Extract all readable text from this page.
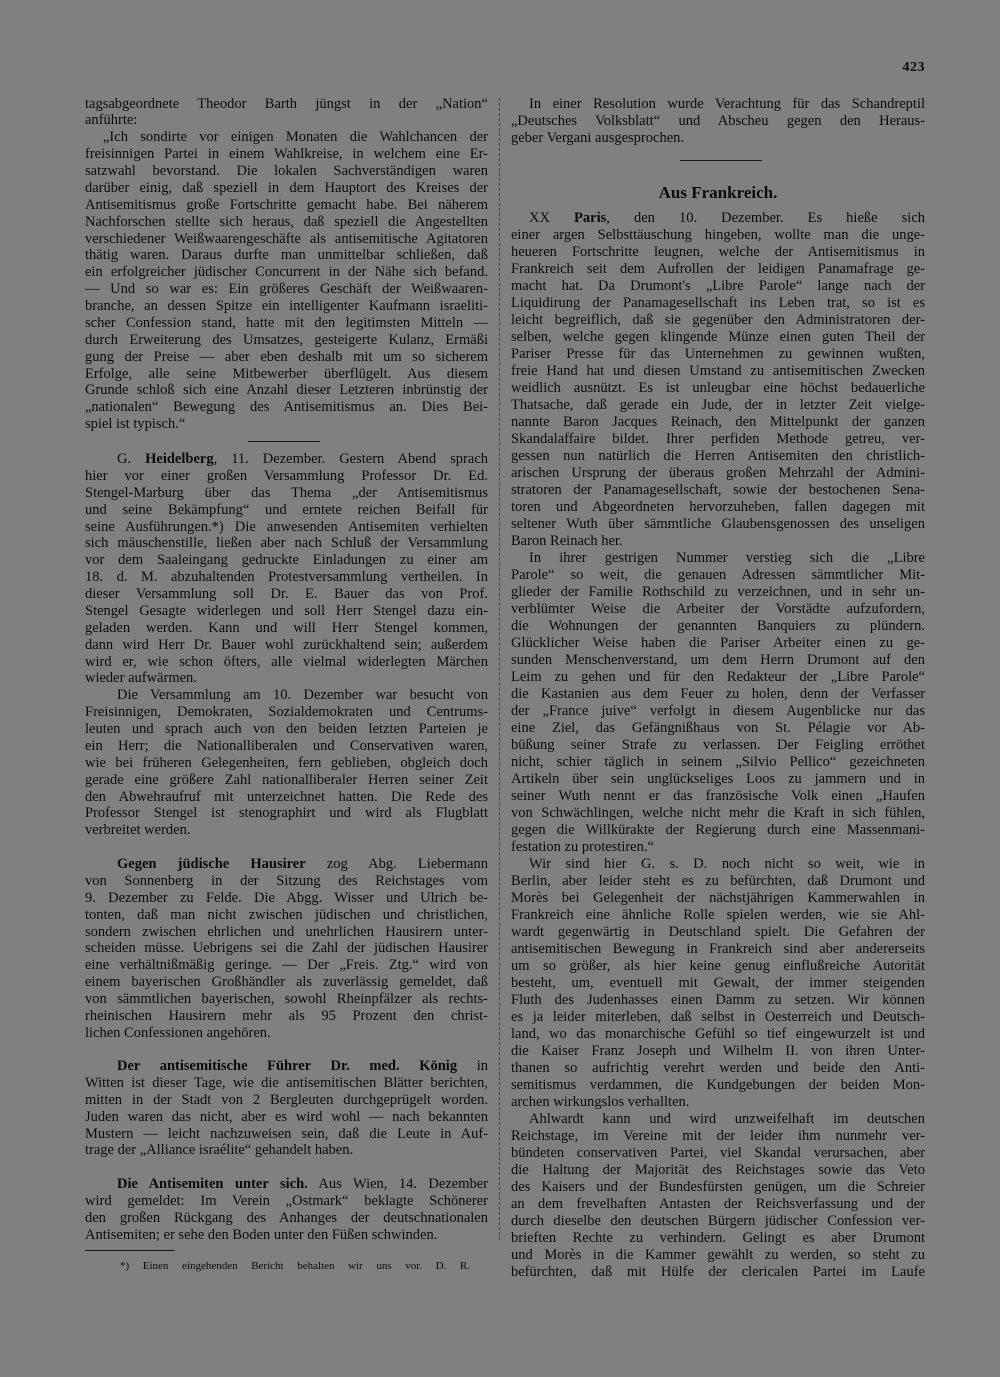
423
tagsabgeordnete Theodor Barth jüngst in der „Nation“
anführte:
„Ich sondirte vor einigen Monaten die Wahlchancen der
freisinnigen Partei in einem Wahlkreise, in welchem eine Er-
satzwahl bevorstand. Die lokalen Sachverständigen waren
darüber einig, daß speziell in dem Hauptort des Kreises der
Antisemitismus große Fortschritte gemacht habe. Bei näherem
Nachforschen stellte sich heraus, daß speziell die Angestellten
verschiedener Weißwaarengeschäfte als antisemitische Agitatoren
thätig waren. Daraus durfte man unmittelbar schließen, daß
ein erfolgreicher jüdischer Concurrent in der Nähe sich befand.
— Und so war es: Ein größeres Geschäft der Weißwaaren-
branche, an dessen Spitze ein intelligenter Kaufmann israeliti-
scher Confession stand, hatte mit den legitimsten Mitteln —
durch Erweiterung des Umsatzes, gesteigerte Kulanz, Ermäßi
gung der Preise — aber eben deshalb mit um so sicherem
Erfolge, alle seine Mitbewerber überflügelt. Aus diesem
Grunde schloß sich eine Anzahl dieser Letzteren inbrünstig der
„nationalen“ Bewegung des Antisemitismus an. Dies Bei-
spiel ist typisch.“
G. Heidelberg, 11. Dezember. Gestern Abend sprach
hier vor einer großen Versammlung Professor Dr. Ed.
Stengel-Marburg über das Thema „der Antisemitismus
und seine Bekämpfung“ und erntete reichen Beifall für
seine Ausführungen.*) Die anwesenden Antisemiten verhielten
sich mäuschenstille, ließen aber nach Schluß der Versammlung
vor dem Saaleingang gedruckte Einladungen zu einer am
18. d. M. abzuhaltenden Protestversammlung vertheilen. In
dieser Versammlung soll Dr. E. Bauer das von Prof.
Stengel Gesagte widerlegen und soll Herr Stengel dazu ein-
geladen werden. Kann und will Herr Stengel kommen,
dann wird Herr Dr. Bauer wohl zurückhaltend sein; außerdem
wird er, wie schon öfters, alle vielmal widerlegten Märchen
wieder aufwärmen.
Die Versammlung am 10. Dezember war besucht von
Freisinnigen, Demokraten, Sozialdemokraten und Centrums-
leuten und sprach auch von den beiden letzten Parteien je
ein Herr; die Nationalliberalen und Conservativen waren,
wie bei früheren Gelegenheiten, fern geblieben, obgleich doch
gerade eine größere Zahl nationalliberaler Herren seiner Zeit
den Abwehraufruf mit unterzeichnet hatten. Die Rede des
Professor Stengel ist stenographirt und wird als Flugblatt
verbreitet werden.
Gegen jüdische Hausirer zog Abg. Liebermann
von Sonnenberg in der Sitzung des Reichstages vom
9. Dezember zu Felde. Die Abgg. Wisser und Ulrich be-
tonten, daß man nicht zwischen jüdischen und christlichen,
sondern zwischen ehrlichen und unehrlichen Hausirern unter-
scheiden müsse. Uebrigens sei die Zahl der jüdischen Hausirer
eine verhältnißmäßig geringe. — Der „Freis. Ztg.“ wird von
einem bayerischen Großhändler als zuverlässig gemeldet, daß
von sämmtlichen bayerischen, sowohl Rheinpfälzer als rechts-
rheinischen Hausirern mehr als 95 Prozent den christ-
lichen Confessionen angehören.
Der antisemitische Führer Dr. med. König in
Witten ist dieser Tage, wie die antisemitischen Blätter berichten,
mitten in der Stadt von 2 Bergleuten durchgeprügelt worden.
Juden waren das nicht, aber es wird wohl — nach bekannten
Mustern — leicht nachzuweisen sein, daß die Leute in Auf-
trage der „Alliance israélite“ gehandelt haben.
Die Antisemiten unter sich. Aus Wien, 14. Dezember
wird gemeldet: Im Verein „Ostmark“ beklagte Schönerer
den großen Rückgang des Anhanges der deutschnationalen
Antisemiten; er sehe den Boden unter den Füßen schwinden.
*) Einen eingehenden Bericht behalten wir uns vor. D. R.
In einer Resolution wurde Verachtung für das Schandreptil
„Deutsches Volksblatt“ und Abscheu gegen den Heraus-
geber Vergani ausgesprochen.
Aus Frankreich.
XX Paris, den 10. Dezember. Es hieße sich
einer argen Selbsttäuschung hingeben, wollte man die unge-
heueren Fortschritte leugnen, welche der Antisemitismus in
Frankreich seit dem Aufrollen der leidigen Panamafrage ge-
macht hat. Da Drumont's „Libre Parole“ lange nach der
Liquidirung der Panamagesellschaft ins Leben trat, so ist es
leicht begreiflich, daß sie gegenüber den Administratoren der-
selben, welche gegen klingende Münze einen guten Theil der
Pariser Presse für das Unternehmen zu gewinnen wußten,
freie Hand hat und diesen Umstand zu antisemitischen Zwecken
weidlich ausnützt. Es ist unleugbar eine höchst bedauerliche
Thatsache, daß gerade ein Jude, der in letzter Zeit vielge-
nannte Baron Jacques Reinach, den Mittelpunkt der ganzen
Skandalaffaire bildet. Ihrer perfiden Methode getreu, ver-
gessen nun natürlich die Herren Antisemiten den christlich-
arischen Ursprung der überaus großen Mehrzahl der Admini-
stratoren der Panamagesellschaft, sowie der bestochenen Sena-
toren und Abgeordneten hervorzuheben, fallen dagegen mit
seltener Wuth über sämmtliche Glaubensgenossen des unseligen
Baron Reinach her.
In ihrer gestrigen Nummer verstieg sich die „Libre
Parole“ so weit, die genauen Adressen sämmtlicher Mit-
glieder der Familie Rothschild zu verzeichnen, und in sehr un-
verblümter Weise die Arbeiter der Vorstädte aufzufordern,
die Wohnungen der genannten Banquiers zu plündern.
Glücklicher Weise haben die Pariser Arbeiter einen zu ge-
sunden Menschenverstand, um dem Herrn Drumont auf den
Leim zu gehen und für den Redakteur der „Libre Parole“
die Kastanien aus dem Feuer zu holen, denn der Verfasser
der „France juive“ verfolgt in diesem Augenblicke nur das
eine Ziel, das Gefängnißhaus von St. Pélagie vor Ab-
büßung seiner Strafe zu verlassen. Der Feigling erröthet
nicht, schier täglich in seinem „Silvio Pellico“ gezeichneten
Artikeln über sein unglückseliges Loos zu jammern und in
seiner Wuth nennt er das französische Volk einen „Haufen
von Schwächlingen, welche nicht mehr die Kraft in sich fühlen,
gegen die Willkürakte der Regierung durch eine Massenmani-
festation zu protestiren.“
Wir sind hier G. s. D. noch nicht so weit, wie in
Berlin, aber leider steht es zu befürchten, daß Drumont und
Morès bei Gelegenheit der nächstjährigen Kammerwahlen in
Frankreich eine ähnliche Rolle spielen werden, wie sie Ahl-
wardt gegenwärtig in Deutschland spielt. Die Gefahren der
antisemitischen Bewegung in Frankreich sind aber andererseits
um so größer, als hier keine genug einflußreiche Autorität
besteht, um, eventuell mit Gewalt, der immer steigenden
Fluth des Judenhasses einen Damm zu setzen. Wir können
es ja leider miterleben, daß selbst in Oesterreich und Deutsch-
land, wo das monarchische Gefühl so tief eingewurzelt ist und
die Kaiser Franz Joseph und Wilhelm II. von ihren Unter-
thanen so aufrichtig verehrt werden und beide den Anti-
semitismus verdammen, die Kundgebungen der beiden Mon-
archen wirkungslos verhallten.
Ahlwardt kann und wird unzweifelhaft im deutschen
Reichstage, im Vereine mit der leider ihm nunmehr ver-
bündeten conservativen Partei, viel Skandal verursachen, aber
die Haltung der Majorität des Reichstages sowie das Veto
des Kaisers und der Bundesfürsten genügen, um die Schreier
an dem frevelhaften Antasten der Reichsverfassung und der
durch dieselbe den deutschen Bürgern jüdischer Confession ver-
brieften Rechte zu verhindern. Gelingt es aber Drumont
und Morès in die Kammer gewählt zu werden, so steht zu
befürchten, daß mit Hülfe der clericalen Partei im Laufe
